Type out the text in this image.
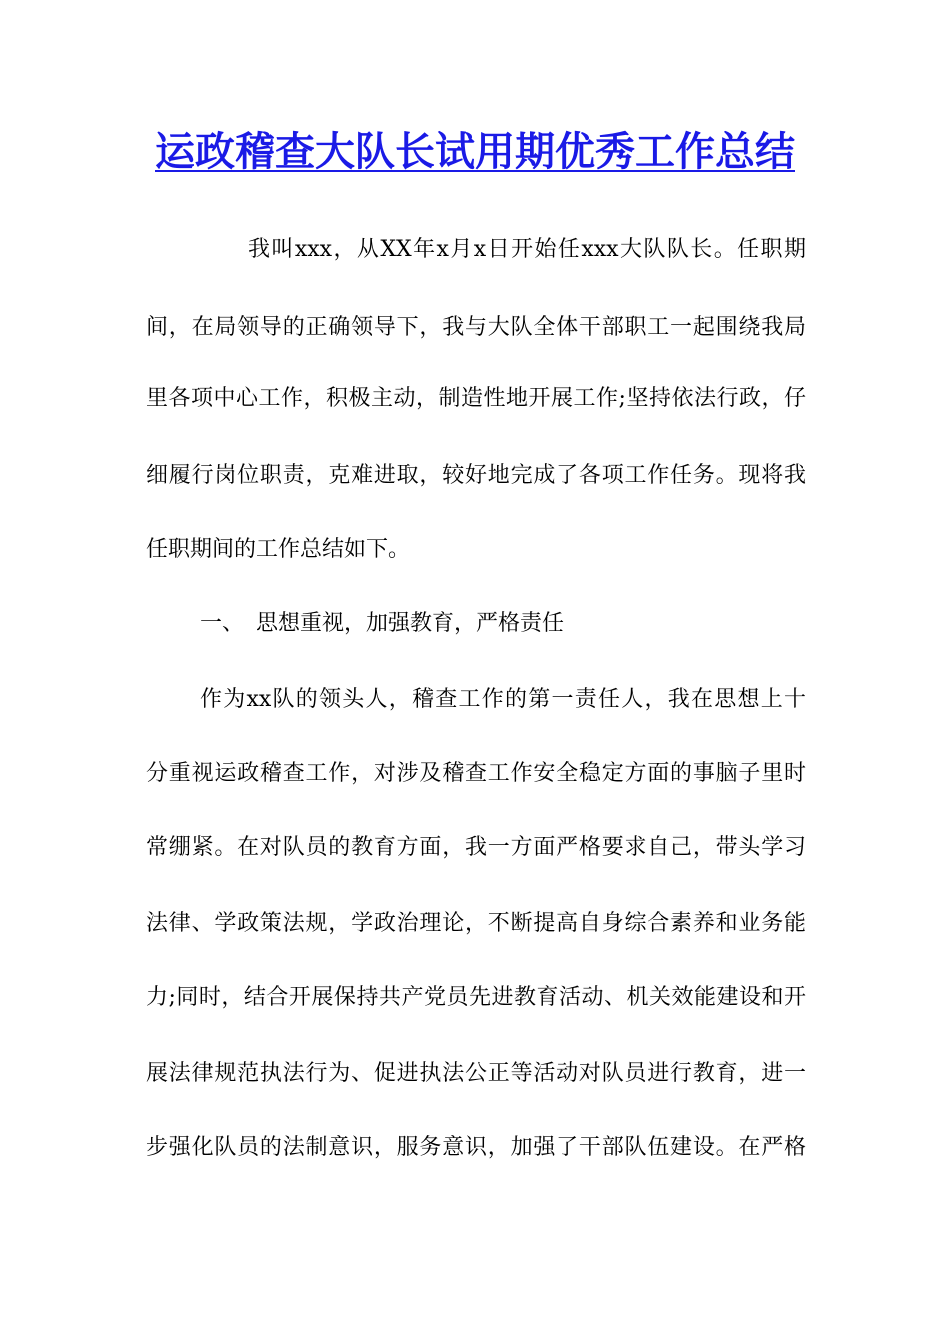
运政稽查大队长试用期优秀工作总结
我叫xxx，从XX年x月x日开始任xxx大队队长。任职期
间，在局领导的正确领导下，我与大队全体干部职工一起围绕我局
里各项中心工作，积极主动，制造性地开展工作;坚持依法行政，仔
细履行岗位职责，克难进取，较好地完成了各项工作任务。现将我
任职期间的工作总结如下。
一、 思想重视，加强教育，严格责任
作为xx队的领头人，稽查工作的第一责任人，我在思想上十
分重视运政稽查工作，对涉及稽查工作安全稳定方面的事脑子里时
常绷紧。在对队员的教育方面，我一方面严格要求自己，带头学习
法律、学政策法规，学政治理论，不断提高自身综合素养和业务能
力;同时，结合开展保持共产党员先进教育活动、机关效能建设和开
展法律规范执法行为、促进执法公正等活动对队员进行教育，进一
步强化队员的法制意识，服务意识，加强了干部队伍建设。在严格
